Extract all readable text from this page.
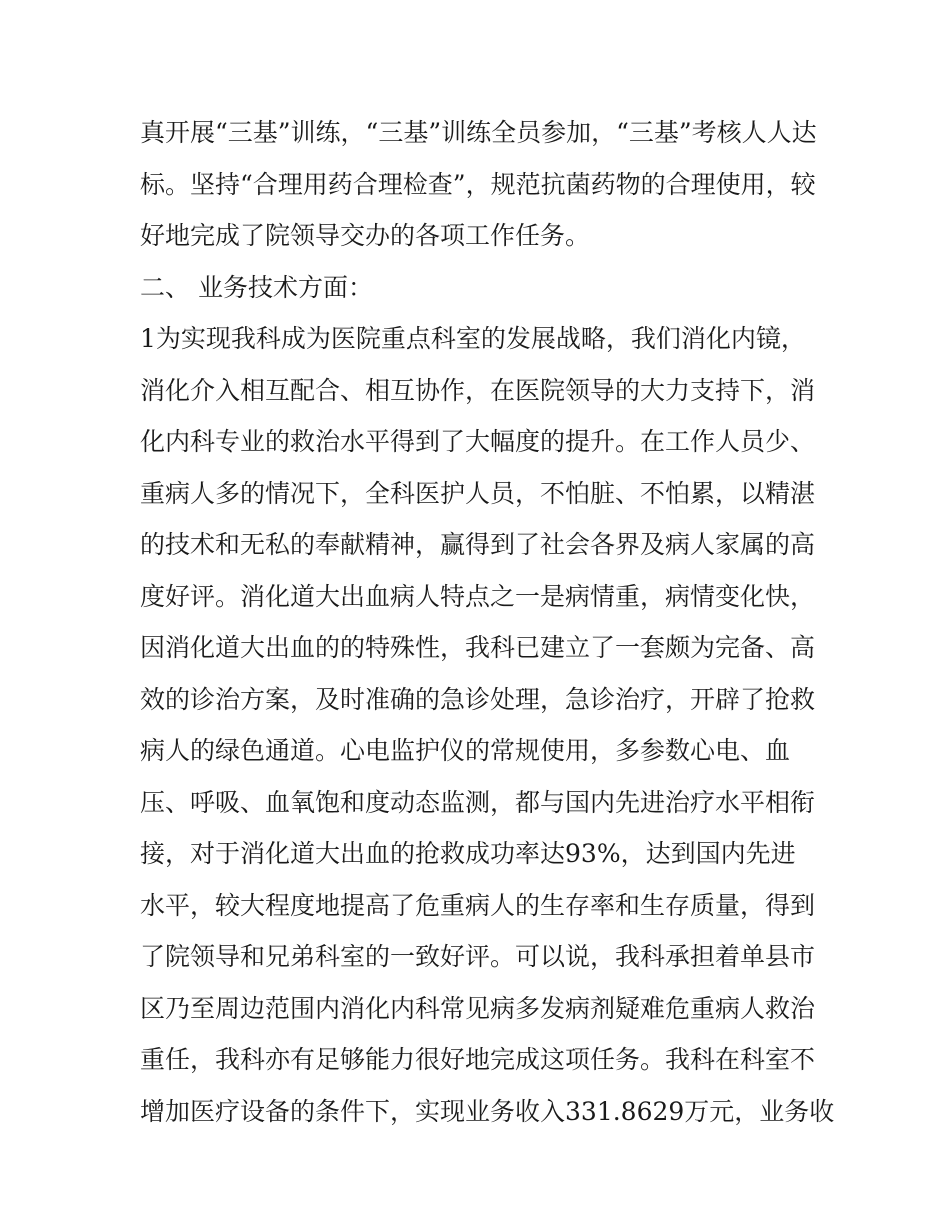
真开展“三基”训练，“三基”训练全员参加，“三基”考核人人达
标。坚持“合理用药合理检查”，规范抗菌药物的合理使用，较
好地完成了院领导交办的各项工作任务。
二、 业务技术方面：
1为实现我科成为医院重点科室的发展战略，我们消化内镜，
消化介入相互配合、相互协作，在医院领导的大力支持下，消
化内科专业的救治水平得到了大幅度的提升。在工作人员少、
重病人多的情况下，全科医护人员，不怕脏、不怕累，以精湛
的技术和无私的奉献精神，赢得到了社会各界及病人家属的高
度好评。消化道大出血病人特点之一是病情重，病情变化快，
因消化道大出血的的特殊性，我科已建立了一套颇为完备、高
效的诊治方案，及时准确的急诊处理，急诊治疗，开辟了抢救
病人的绿色通道。心电监护仪的常规使用，多参数心电、血
压、呼吸、血氧饱和度动态监测，都与国内先进治疗水平相衔
接，对于消化道大出血的抢救成功率达93%，达到国内先进
水平，较大程度地提高了危重病人的生存率和生存质量，得到
了院领导和兄弟科室的一致好评。可以说，我科承担着单县市
区乃至周边范围内消化内科常见病多发病剂疑难危重病人救治
重任，我科亦有足够能力很好地完成这项任务。我科在科室不
增加医疗设备的条件下，实现业务收入331.8629万元，业务收
